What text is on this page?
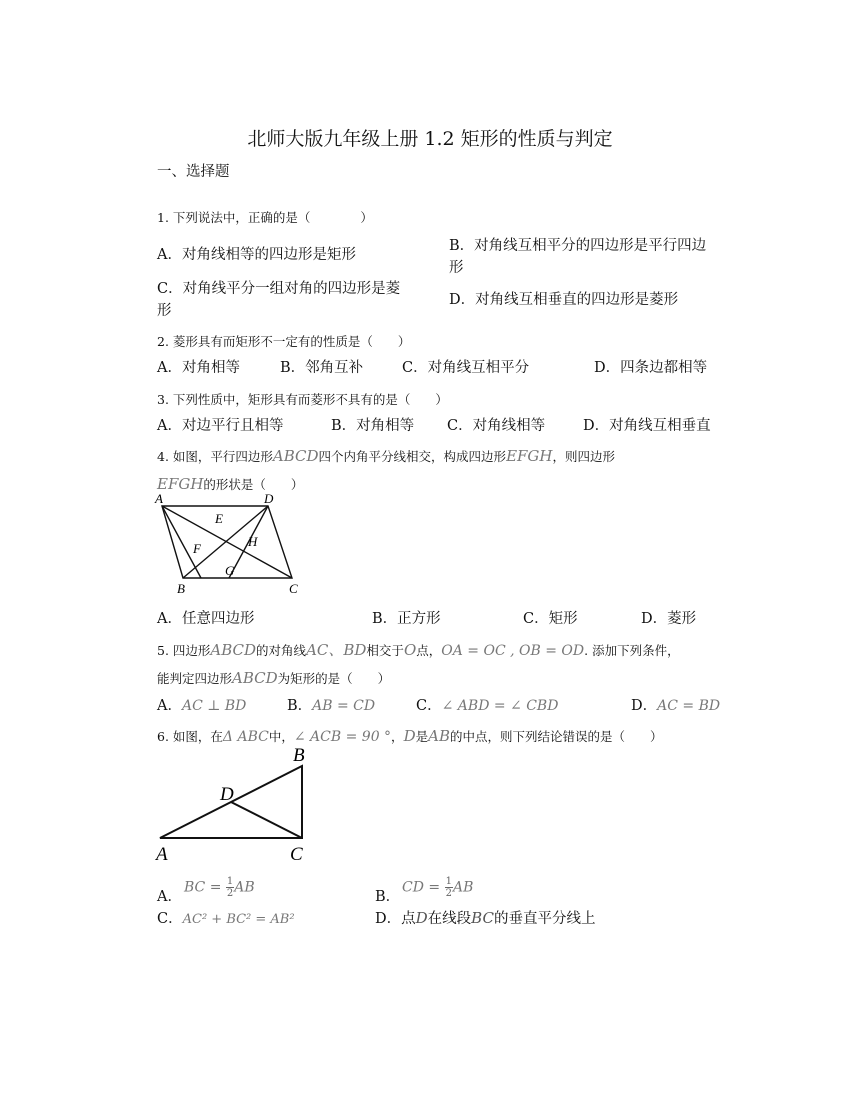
北师大版九年级上册 1.2 矩形的性质与判定
一、选择题
1. 下列说法中，正确的是（　　　　）
A．对角线相等的四边形是矩形
B．对角线互相平分的四边形是平行四边
形
C．对角线平分一组对角的四边形是菱
形
D．对角线互相垂直的四边形是菱形
2. 菱形具有而矩形不一定有的性质是（　　）
A．对角相等	B．邻角互补	C．对角线互相平分	D．四条边都相等
3. 下列性质中，矩形具有而菱形不具有的是（　　）
A．对边平行且相等	B．对角相等 C．对角线相等	D．对角线互相垂直
4. 如图，平行四边形ABCD四个内角平分线相交，构成四边形EFGH，则四边形
EFGH的形状是（　　）
A	D
B	C
E
F	H
G
A．任意四边形	B．正方形	C．矩形	D．菱形
5. 四边形ABCD的对角线AC、BD相交于O点，OA = OC , OB = OD. 添加下列条件，
能判定四边形ABCD为矩形的是（　　）
A．AC ⊥ BD	B．AB = CD	C．∠ ABD = ∠ CBD	D．AC = BD
6. 如图，在Δ ABC中，∠ ACB = 90 °，D是AB的中点，则下列结论错误的是（　　）
B
D
A	C
A．
BC = $\frac{1}{2}$ AB
B．
CD = $\frac{1}{2}$ AB
C．AC² + BC² = AB²	D．点D在线段BC的垂直平分线上
